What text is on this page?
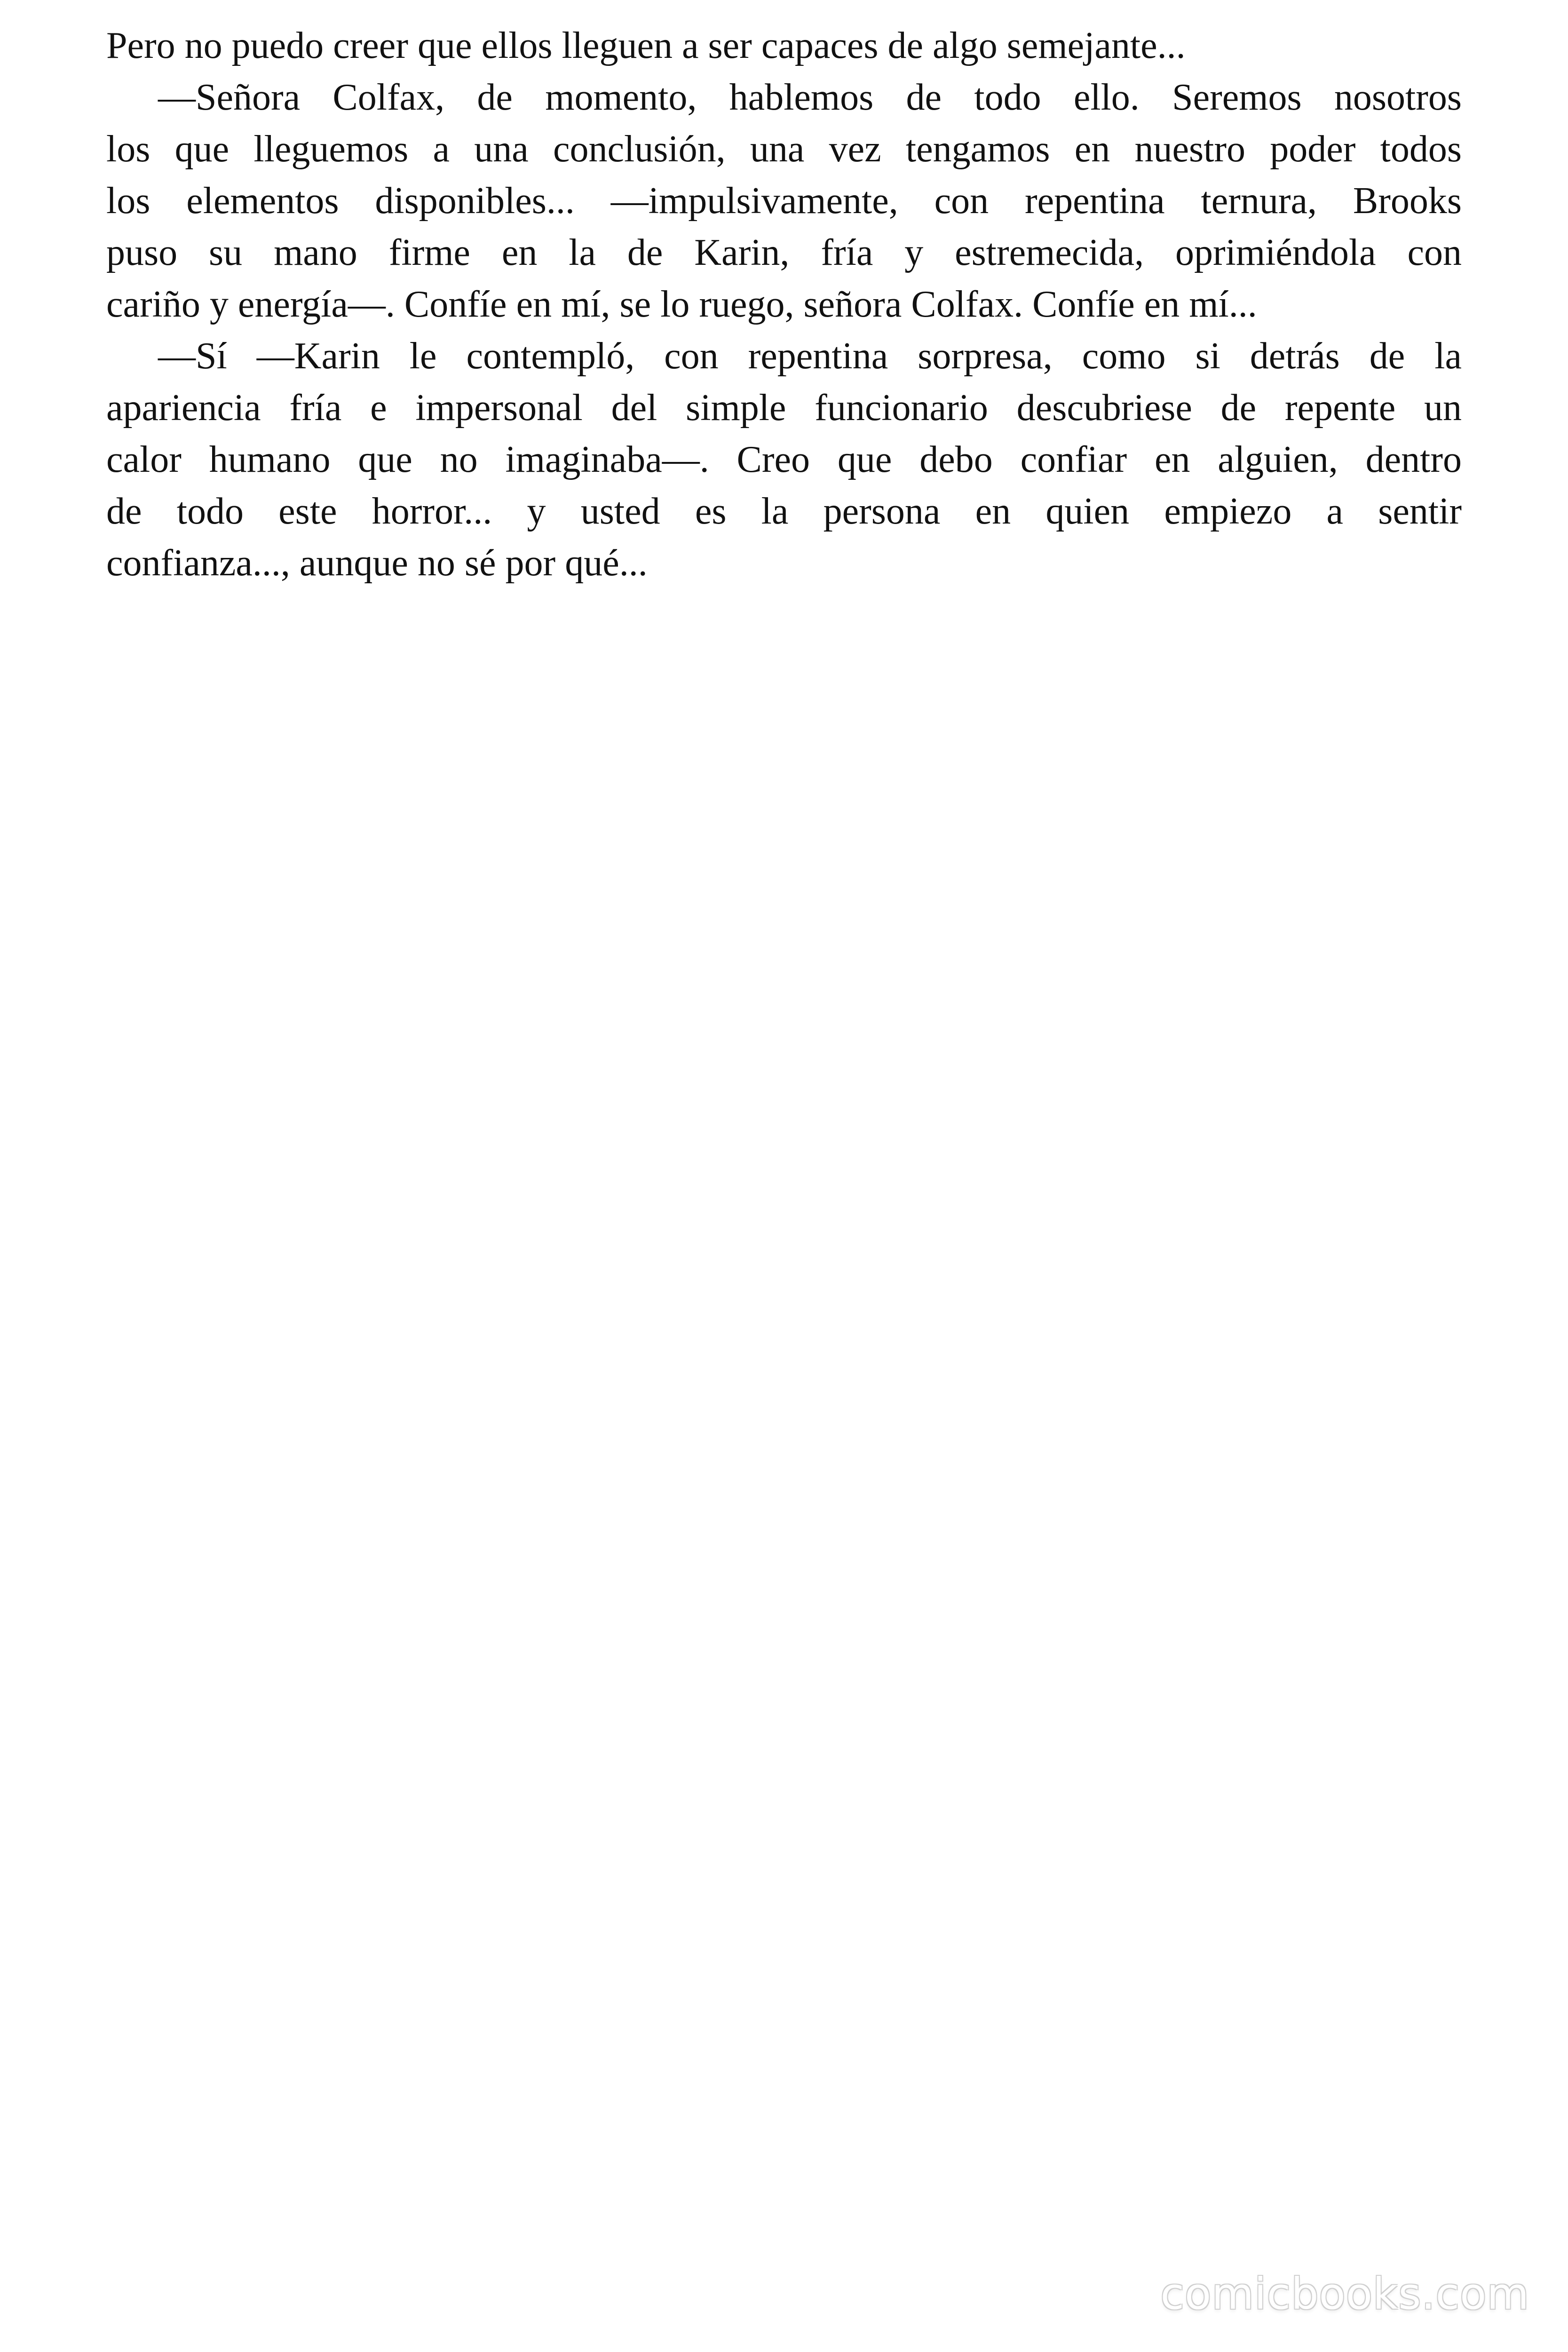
Pero no puedo creer que ellos lleguen a ser capaces de algo semejante...
—Señora Colfax, de momento, hablemos de todo ello. Seremos nosotros
los que lleguemos a una conclusión, una vez tengamos en nuestro poder todos
los elementos disponibles... —impulsivamente, con repentina ternura, Brooks
puso su mano firme en la de Karin, fría y estremecida, oprimiéndola con
cariño y energía—. Confíe en mí, se lo ruego, señora Colfax. Confíe en mí...
—Sí —Karin le contempló, con repentina sorpresa, como si detrás de la
apariencia fría e impersonal del simple funcionario descubriese de repente un
calor humano que no imaginaba—. Creo que debo confiar en alguien, dentro
de todo este horror... y usted es la persona en quien empiezo a sentir
confianza..., aunque no sé por qué...
comicbooks.com
